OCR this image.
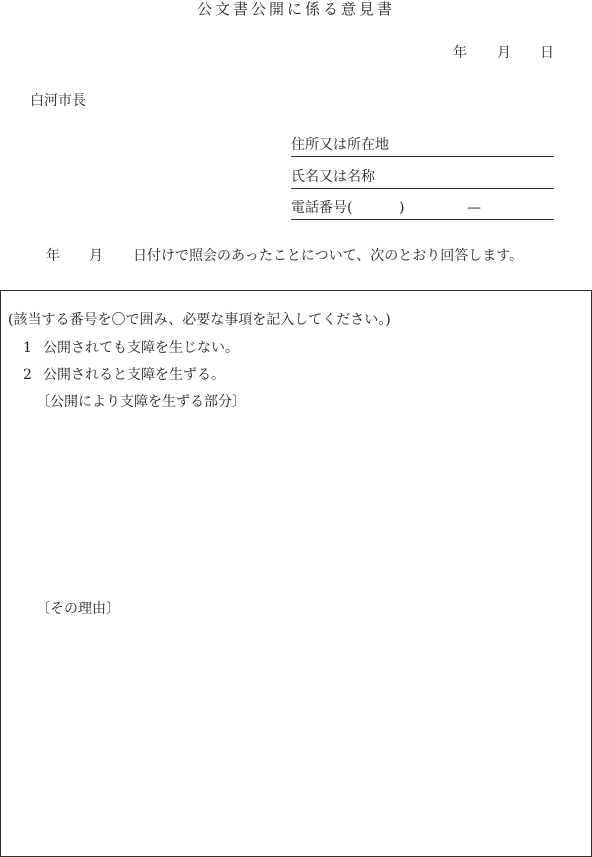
公文書公開に係る意見書
年 月 日
白河市長
住所又は所在地
氏名又は名称
電話番号(	)	—
年 月 日付けで照会のあったことについて、次のとおり回答します。
(該当する番号を〇で囲み、必要な事項を記入してください。)
1 公開されても支障を生じない。
2 公開されると支障を生ずる。
〔公開により支障を生ずる部分〕
〔その理由〕
